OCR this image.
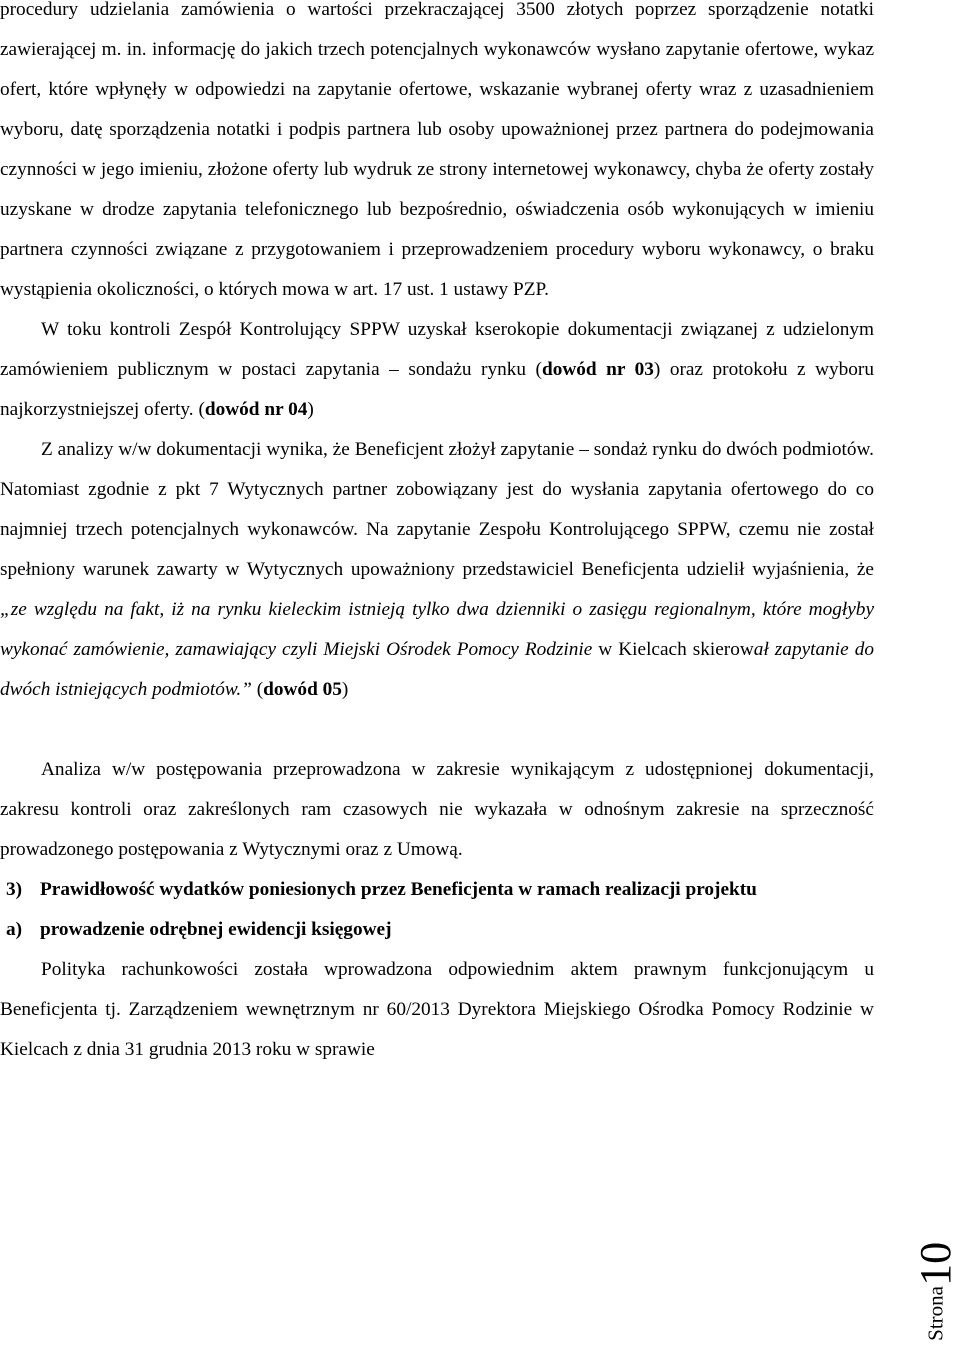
procedury udzielania zamówienia o wartości przekraczającej 3500 złotych poprzez sporządzenie notatki zawierającej m. in. informację do jakich trzech potencjalnych wykonawców wysłano zapytanie ofertowe, wykaz ofert, które wpłynęły w odpowiedzi na zapytanie ofertowe, wskazanie wybranej oferty wraz z uzasadnieniem wyboru, datę sporządzenia notatki i podpis partnera lub osoby upoważnionej przez partnera do podejmowania czynności w jego imieniu, złożone oferty lub wydruk ze strony internetowej wykonawcy, chyba że oferty zostały uzyskane w drodze zapytania telefonicznego lub bezpośrednio, oświadczenia osób wykonujących w imieniu partnera czynności związane z przygotowaniem i przeprowadzeniem procedury wyboru wykonawcy, o braku wystąpienia okoliczności, o których mowa w art. 17 ust. 1 ustawy PZP.

W toku kontroli Zespół Kontrolujący SPPW uzyskał kserokopie dokumentacji związanej z udzielonym zamówieniem publicznym w postaci zapytania – sondażu rynku (dowód nr 03) oraz protokołu z wyboru najkorzystniejszej oferty. (dowód nr 04)

Z analizy w/w dokumentacji wynika, że Beneficjent złożył zapytanie – sondaż rynku do dwóch podmiotów. Natomiast zgodnie z pkt 7 Wytycznych partner zobowiązany jest do wysłania zapytania ofertowego do co najmniej trzech potencjalnych wykonawców. Na zapytanie Zespołu Kontrolującego SPPW, czemu nie został spełniony warunek zawarty w Wytycznych upoważniony przedstawiciel Beneficjenta udzielił wyjaśnienia, że „ze względu na fakt, iż na rynku kieleckim istnieją tylko dwa dzienniki o zasięgu regionalnym, które mogłyby wykonać zamówienie, zamawiający czyli Miejski Ośrodek Pomocy Rodzinie w Kielcach skierował zapytanie do dwóch istniejących podmiotów.” (dowód 05)

Analiza w/w postępowania przeprowadzona w zakresie wynikającym z udostępnionej dokumentacji, zakresu kontroli oraz zakreślonych ram czasowych nie wykazała w odnośnym zakresie na sprzeczność prowadzonego postępowania z Wytycznymi oraz z Umową.

3) Prawidłowość wydatków poniesionych przez Beneficjenta w ramach realizacji projektu
a) prowadzenie odrębnej ewidencji księgowej

Polityka rachunkowości została wprowadzona odpowiednim aktem prawnym funkcjonującym u Beneficjenta tj. Zarządzeniem wewnętrznym nr 60/2013 Dyrektora Miejskiego Ośrodka Pomocy Rodzinie w Kielcach z dnia 31 grudnia 2013 roku w sprawie

Strona
10
